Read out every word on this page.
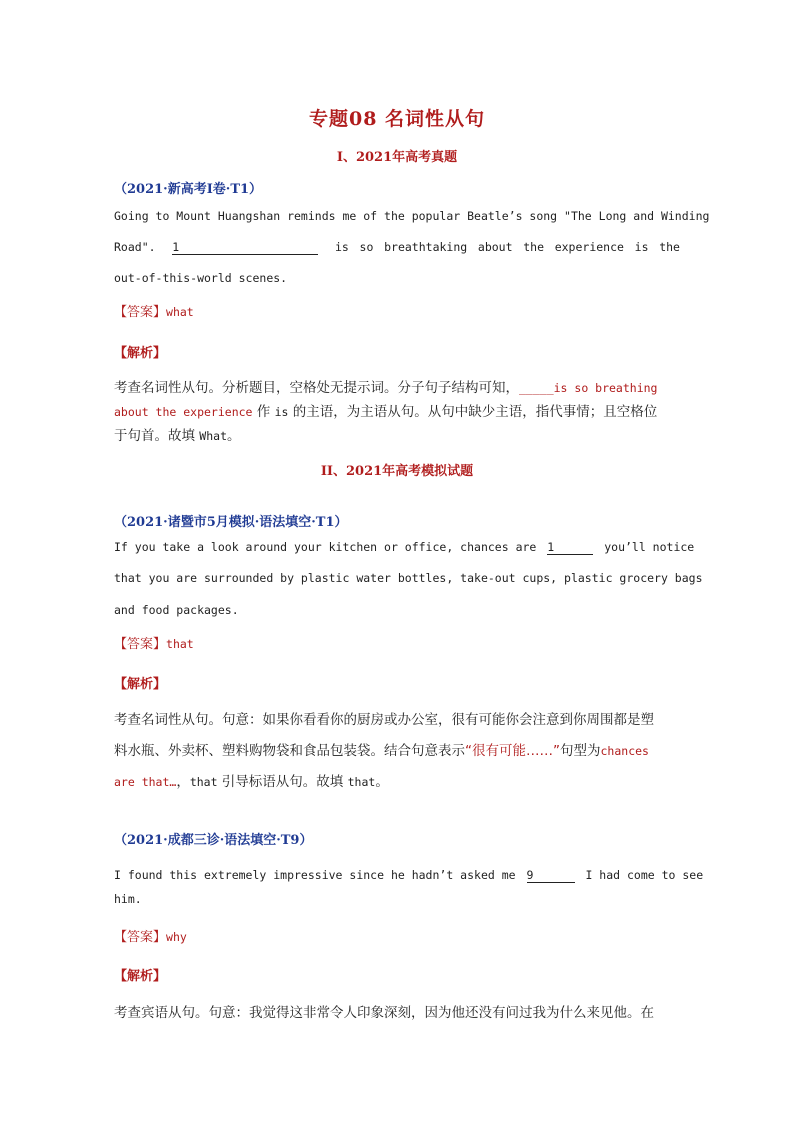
专题08 名词性从句
I、2021年高考真题
（2021·新高考I卷·T1）
Going to Mount Huangshan reminds me of the popular Beatle’s song "The Long and Winding
Road". 1	is so breathtaking about the experience is the
out-of-this-world scenes.
【答案】what
【解析】
考查名词性从句。分析题目，空格处无提示词。分子句子结构可知，_____is so breathing
about the experience 作 is 的主语，为主语从句。从句中缺少主语，指代事情；且空格位
于句首。故填 What。
II、2021年高考模拟试题
（2021·诸暨市5月模拟·语法填空·T1）
If you take a look around your kitchen or office, chances are 1	you’ll notice
that you are surrounded by plastic water bottles, take-out cups, plastic grocery bags
and food packages.
【答案】that
【解析】
考查名词性从句。句意：如果你看看你的厨房或办公室，很有可能你会注意到你周围都是塑
料水瓶、外卖杯、塑料购物袋和食品包装袋。结合句意表示“很有可能……”句型为chances
are that…，that 引导标语从句。故填 that。
（2021·成都三诊·语法填空·T9）
I found this extremely impressive since he hadn’t asked me 9	I had come to see
him.
【答案】why
【解析】
考查宾语从句。句意：我觉得这非常令人印象深刻，因为他还没有问过我为什么来见他。在
